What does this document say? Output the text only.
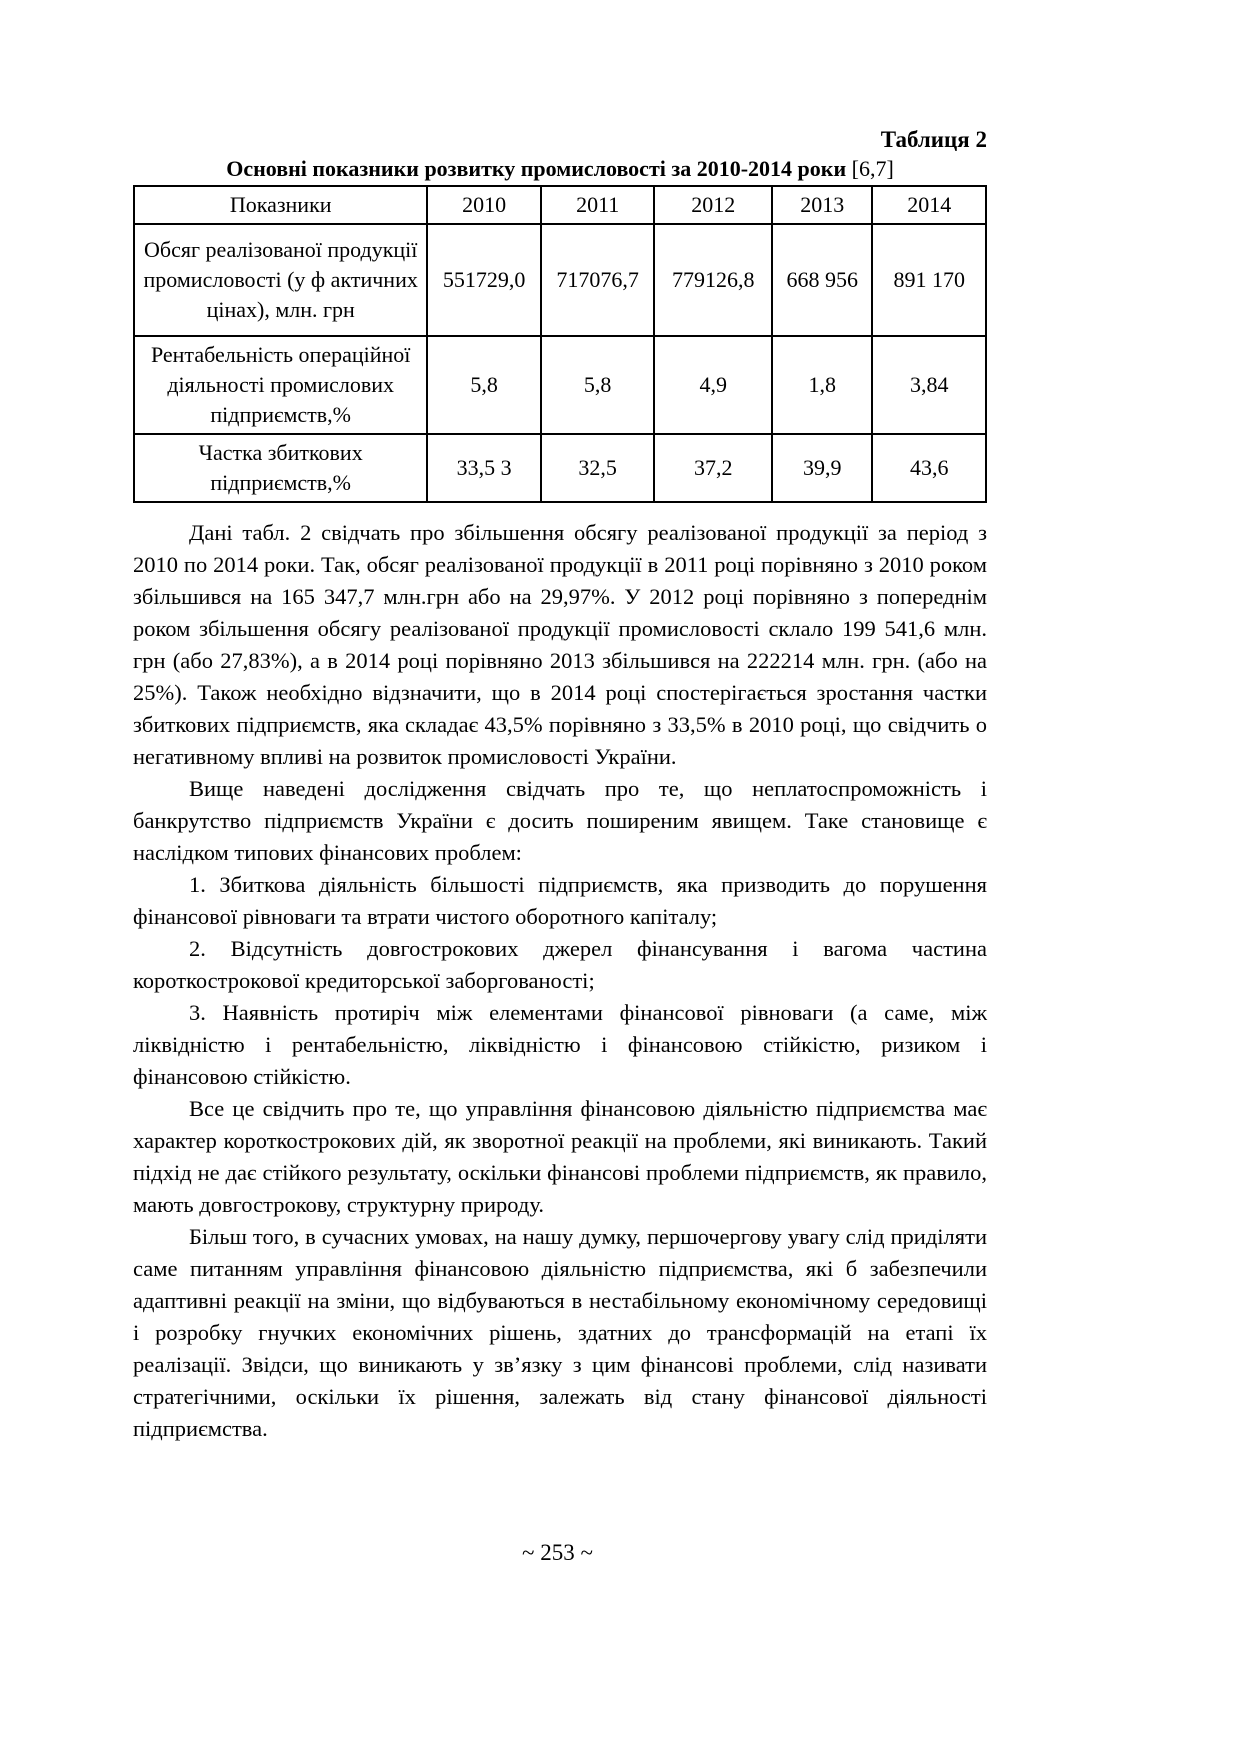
Таблиця 2
Основні показники розвитку промисловості за 2010-2014 роки [6,7]
Показники	2010	2011	2012	2013	2014
Обсяг реалізованої продукції промисловості (у ф актичних цінах), млн. грн	551729,0	717076,7	779126,8	668 956	891 170
Рентабельність операційної діяльності промислових підприємств,%	5,8	5,8	4,9	1,8	3,84
Частка збиткових підприємств,%	33,5 3	32,5	37,2	39,9	43,6

Дані табл. 2 свідчать про збільшення обсягу реалізованої продукції за період з 2010 по 2014 роки. Так, обсяг реалізованої продукції в 2011 році порівняно з 2010 роком збільшився на 165 347,7 млн.грн або на 29,97%. У 2012 році порівняно з попереднім роком збільшення обсягу реалізованої продукції промисловості склало 199 541,6 млн. грн (або 27,83%), а в 2014 році порівняно 2013 збільшився на 222214 млн. грн. (або на 25%). Також необхідно відзначити, що в 2014 році спостерігається зростання частки збиткових підприємств, яка складає 43,5% порівняно з 33,5% в 2010 році, що свідчить о негативному впливі на розвиток промисловості України.

Вище наведені дослідження свідчать про те, що неплатоспроможність і банкрутство підприємств України є досить поширеним явищем. Таке становище є наслідком типових фінансових проблем:

1. Збиткова діяльність більшості підприємств, яка призводить до порушення фінансової рівноваги та втрати чистого оборотного капіталу;

2. Відсутність довгострокових джерел фінансування і вагома частина короткострокової кредиторської заборгованості;

3. Наявність протиріч між елементами фінансової рівноваги (а саме, між ліквідністю і рентабельністю, ліквідністю і фінансовою стійкістю, ризиком і фінансовою стійкістю.

Все це свідчить про те, що управління фінансовою діяльністю підприємства має характер короткострокових дій, як зворотної реакції на проблеми, які виникають. Такий підхід не дає стійкого результату, оскільки фінансові проблеми підприємств, як правило, мають довгострокову, структурну природу.

Більш того, в сучасних умовах, на нашу думку, першочергову увагу слід приділяти саме питанням управління фінансовою діяльністю підприємства, які б забезпечили адаптивні реакції на зміни, що відбуваються в нестабільному економічному середовищі і розробку гнучких економічних рішень, здатних до трансформацій на етапі їх реалізації. Звідси, що виникають у зв’язку з цим фінансові проблеми, слід називати стратегічними, оскільки їх рішення, залежать від стану фінансової діяльності підприємства.

~ 253 ~
